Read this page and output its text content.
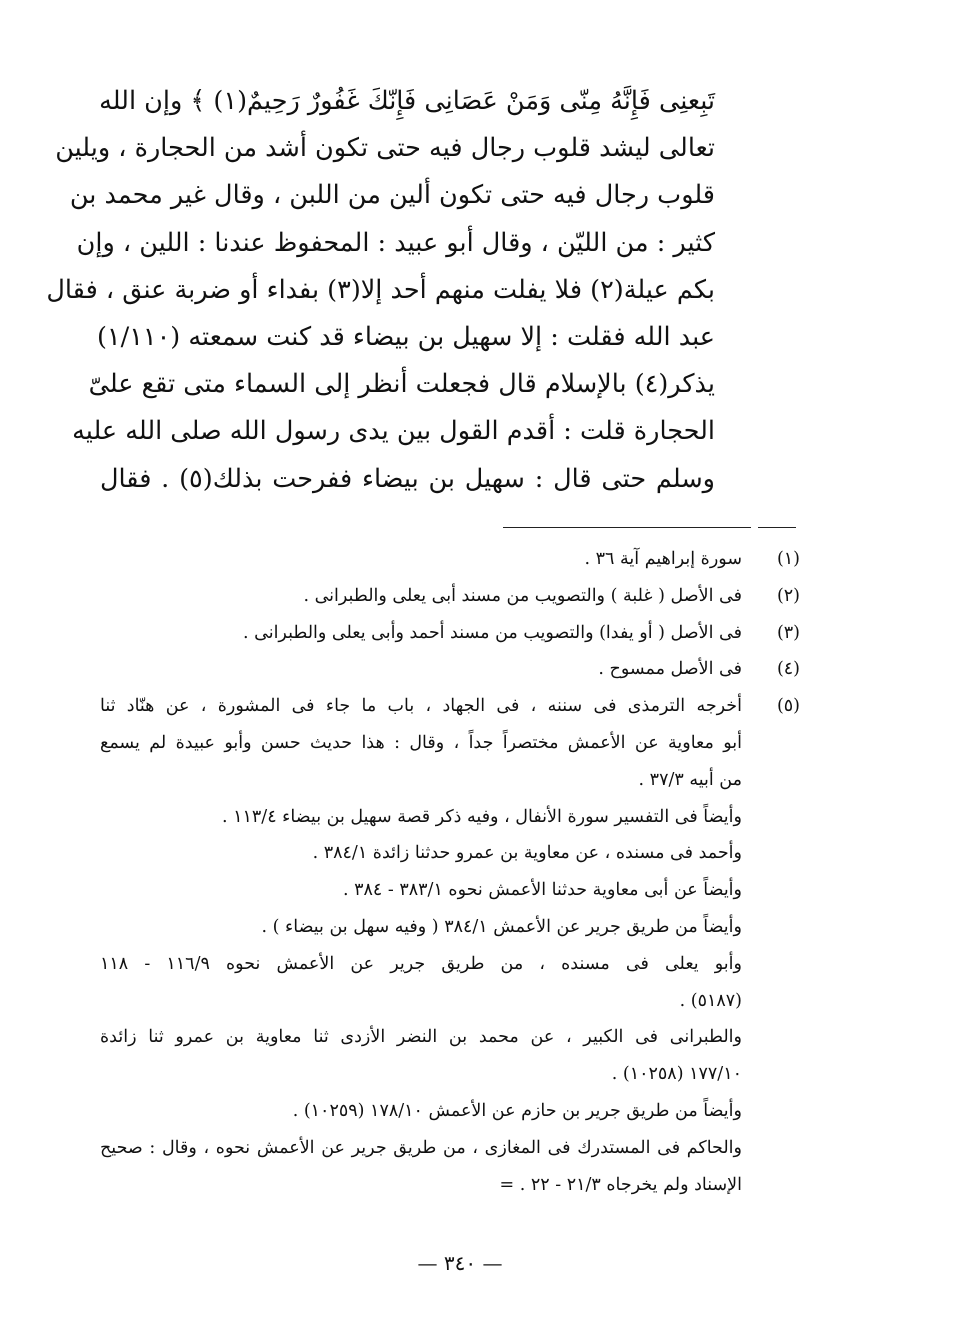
تَبِعنِى فَإِنَّهُ مِنّى وَمَنْ عَصَانِى فَإِنّكَ غَفُورٌ رَحِيمٌ(١) ﴾ وإن الله
تعالى ليشد قلوب رجال فيه حتى تكون أشد من الحجارة ، ويلين
قلوب رجال فيه حتى تكون ألين من اللبن ، وقال غير محمد بن
كثير : من الليّن ، وقال أبو عبيد : المحفوظ عندنا : اللين ، وإن
بكم عيلة(٢) فلا يفلت منهم أحد إلا(٣) بفداء أو ضربة عنق ، فقال
عبد الله فقلت : إلا سهيل بن بيضاء قد كنت سمعته (١/١١٠)
يذكر(٤) بالإسلام قال فجعلت أنظر إلى السماء متى تقع علىّ
الحجارة قلت : أقدم القول بين يدى رسول الله صلى الله عليه
وسلم حتى قال : سهيل بن بيضاء ففرحت بذلك(٥) . فقال
(١)
سورة إبراهيم آية ٣٦ .
(٢)
فى الأصل ( غلبة ) والتصويب من مسند أبى يعلى والطبرانى .
(٣)
فى الأصل ( أو يفدا) والتصويب من مسند أحمد وأبى يعلى والطبرانى .
(٤)
فى الأصل ممسوح .
(٥)
أخرجه الترمذى فى سننه ، فى الجهاد ، باب ما جاء فى المشورة ، عن هنّاد ثنا
أبو معاوية عن الأعمش مختصراً جداً ، وقال : هذا حديث حسن وأبو عبيدة لم يسمع
من أبيه ٣٧/٣ .
وأيضاً فى التفسير سورة الأنفال ، وفيه ذكر قصة سهيل بن بيضاء ١١٣/٤ .
وأحمد فى مسنده ، عن معاوية بن عمرو حدثنا زائدة ٣٨٤/١ .
وأيضاً عن أبى معاوية حدثنا الأعمش نحوه ٣٨٣/١ - ٣٨٤ .
وأيضاً من طريق جرير عن الأعمش ٣٨٤/١ ( وفيه سهل بن بيضاء ) .
وأبو يعلى فى مسنده ، من طريق جرير عن الأعمش نحوه ١١٦/٩ - ١١٨
(٥١٨٧) .
والطبرانى فى الكبير ، عن محمد بن النضر الأزدى ثنا معاوية بن عمرو ثنا زائدة
١٧٧/١٠ (١٠٢٥٨) .
وأيضاً من طريق جرير بن حازم عن الأعمش ١٧٨/١٠ (١٠٢٥٩) .
والحاكم فى المستدرك فى المغازى ، من طريق جرير عن الأعمش نحوه ، وقال : صحيح
الإسناد ولم يخرجاه ٢١/٣ - ٢٢ . =
— ٣٤٠ —
